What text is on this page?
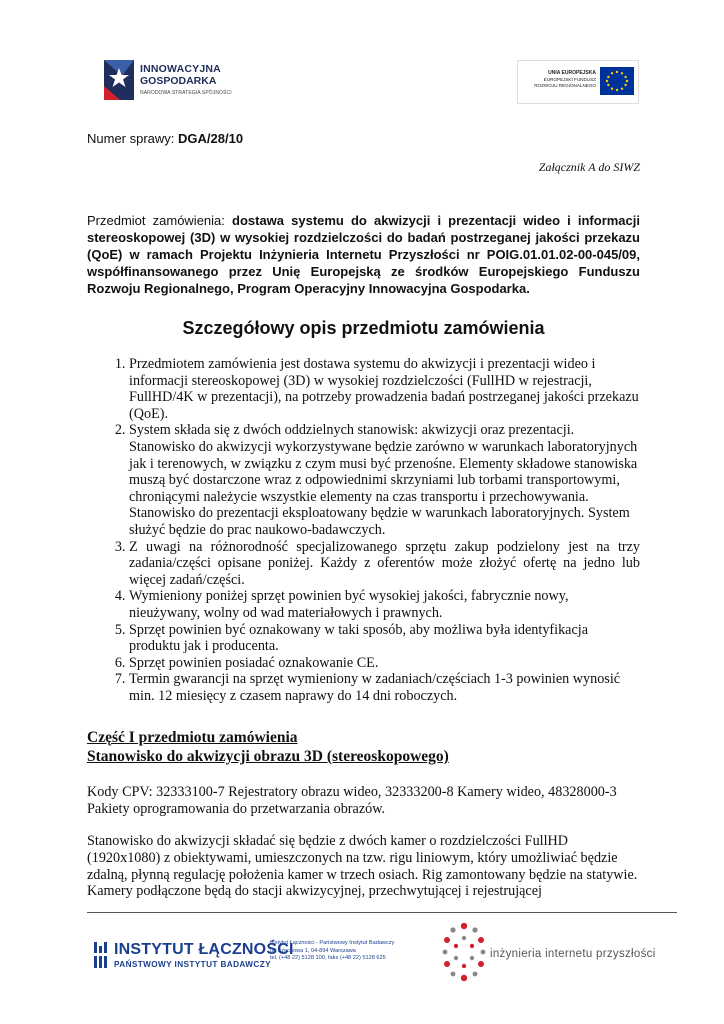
INNOWACYJNA
GOSPODARKA
NARODOWA STRATEGIA SPÓJNOŚCI
UNIA EUROPEJSKA
EUROPEJSKI FUNDUSZ
ROZWOJU REGIONALNEGO
Numer sprawy: DGA/28/10
Załącznik A do SIWZ
Przedmiot zamówienia: dostawa systemu do akwizycji i prezentacji wideo i informacji stereoskopowej (3D) w wysokiej rozdzielczości do badań postrzeganej jakości przekazu (QoE) w ramach Projektu Inżynieria Internetu Przyszłości nr POIG.01.01.02-00-045/09, współfinansowanego przez Unię Europejską ze środków Europejskiego Funduszu Rozwoju Regionalnego, Program Operacyjny Innowacyjna Gospodarka.
Szczegółowy opis przedmiotu zamówienia
1. Przedmiotem zamówienia jest dostawa systemu do akwizycji i prezentacji wideo i informacji stereoskopowej (3D) w wysokiej rozdzielczości (FullHD w rejestracji, FullHD/4K w prezentacji), na potrzeby prowadzenia badań postrzeganej jakości przekazu (QoE).
2. System składa się z dwóch oddzielnych stanowisk: akwizycji oraz prezentacji. Stanowisko do akwizycji wykorzystywane będzie zarówno w warunkach laboratoryjnych jak i terenowych, w związku z czym musi być przenośne. Elementy składowe stanowiska muszą być dostarczone wraz z odpowiednimi skrzyniami lub torbami transportowymi, chroniącymi należycie wszystkie elementy na czas transportu i przechowywania. Stanowisko do prezentacji eksploatowany będzie w warunkach laboratoryjnych. System służyć będzie do prac naukowo-badawczych.
3. Z uwagi na różnorodność specjalizowanego sprzętu zakup podzielony jest na trzy zadania/części opisane poniżej. Każdy z oferentów może złożyć ofertę na jedno lub więcej zadań/części.
4. Wymieniony poniżej sprzęt powinien być wysokiej jakości, fabrycznie nowy, nieużywany, wolny od wad materiałowych i prawnych.
5. Sprzęt powinien być oznakowany w taki sposób, aby możliwa była identyfikacja produktu jak i producenta.
6. Sprzęt powinien posiadać oznakowanie CE.
7. Termin gwarancji na sprzęt wymieniony w zadaniach/częściach 1-3 powinien wynosić min. 12 miesięcy z czasem naprawy do 14 dni roboczych.
Część I przedmiotu zamówienia
Stanowisko do akwizycji obrazu 3D (stereoskopowego)
Kody CPV: 32333100-7 Rejestratory obrazu wideo, 32333200-8 Kamery wideo, 48328000-3 Pakiety oprogramowania do przetwarzania obrazów.
Stanowisko do akwizycji składać się będzie z dwóch kamer o rozdzielczości FullHD (1920x1080) z obiektywami, umieszczonych na tzw. rigu liniowym, który umożliwiać będzie zdalną, płynną regulację położenia kamer w trzech osiach. Rig zamontowany będzie na statywie. Kamery podłączone będą do stacji akwizycyjnej, przechwytującej i rejestrującej
INSTYTUT ŁĄCZNOŚCI
PAŃSTWOWY INSTYTUT BADAWCZY
Instytut Łączności - Państwowy Instytut Badawczy
ul. Szachowa 1, 04-894 Warszawa
tel. (+48 22) 5128 100, faks (+48 22) 5128 625	inżynieria internetu przyszłości
